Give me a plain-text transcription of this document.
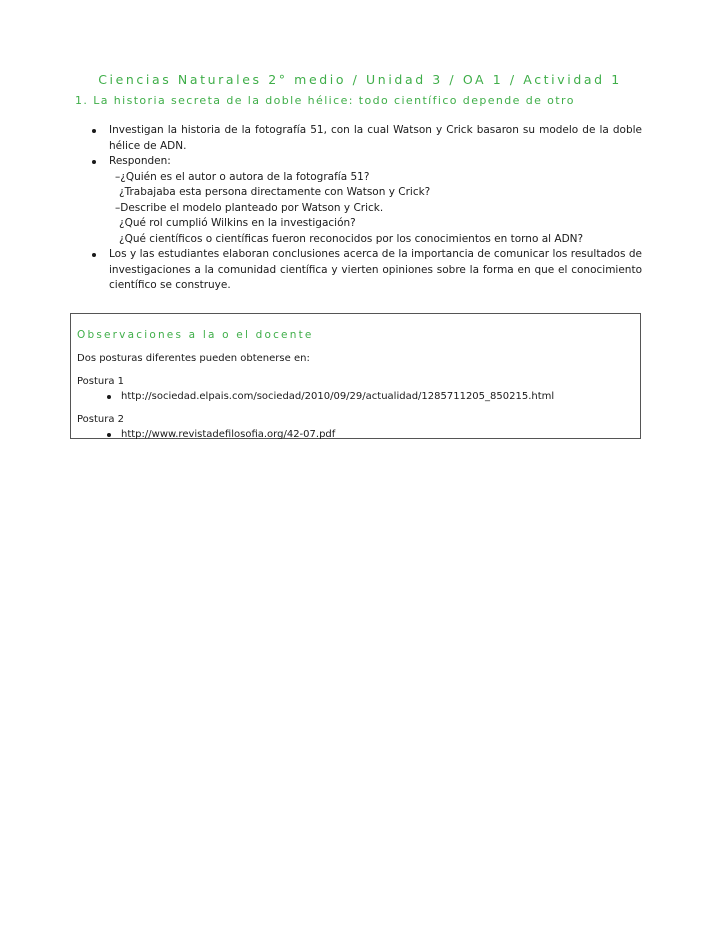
Ciencias Naturales 2° medio / Unidad 3 / OA 1 / Actividad 1
1. La historia secreta de la doble hélice: todo científico depende de otro
Investigan la historia de la fotografía 51, con la cual Watson y Crick basaron su modelo de la doble hélice de ADN.
Responden:
–¿Quién es el autor o autora de la fotografía 51?
¿Trabajaba esta persona directamente con Watson y Crick?
–Describe el modelo planteado por Watson y Crick.
¿Qué rol cumplió Wilkins en la investigación?
¿Qué científicos o científicas fueron reconocidos por los conocimientos en torno al ADN?
Los y las estudiantes elaboran conclusiones acerca de la importancia de comunicar los resultados de investigaciones a la comunidad científica y vierten opiniones sobre la forma en que el conocimiento científico se construye.
Observaciones a la o el docente

Dos posturas diferentes pueden obtenerse en:

Postura 1

http://sociedad.elpais.com/sociedad/2010/09/29/actualidad/1285711205_850215.html

Postura 2

http://www.revistadefilosofia.org/42-07.pdf
